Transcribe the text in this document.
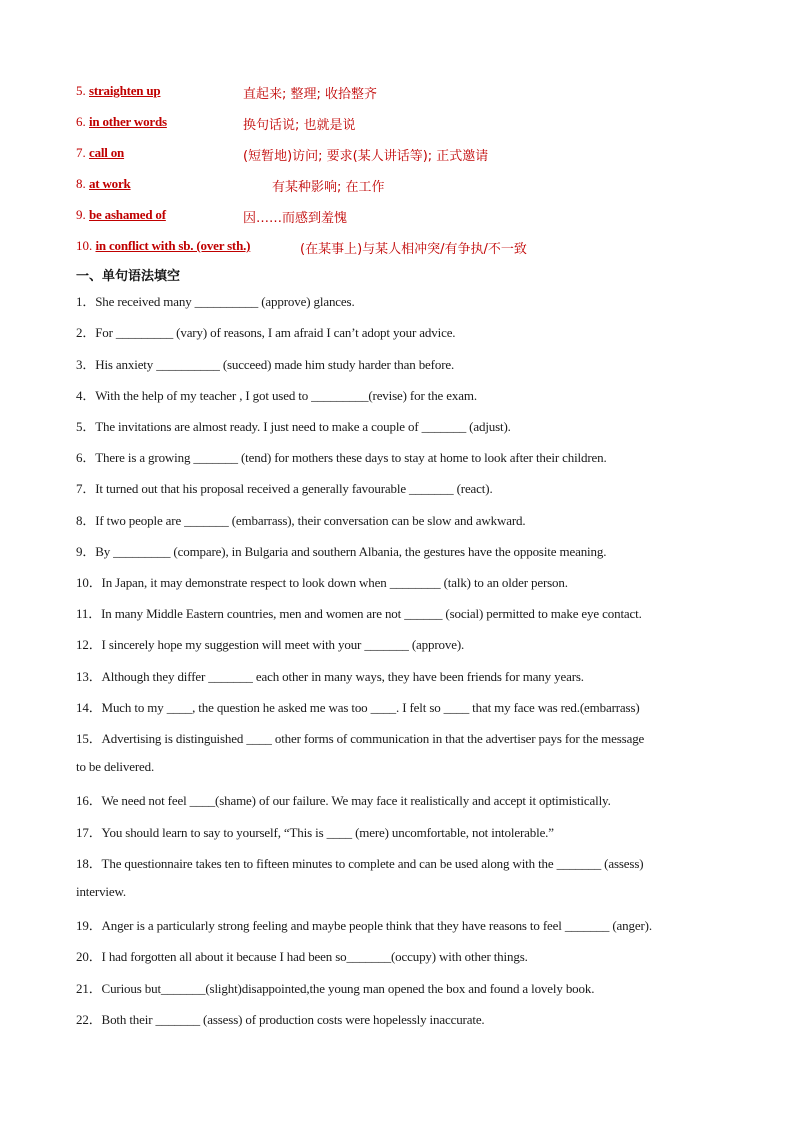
5. straighten up	直起来; 整理; 收拾整齐
6. in other words	换句话说; 也就是说
7. call on	(短暂地)访问; 要求(某人讲话等); 正式邀请
8. at work	有某种影响; 在工作
9. be ashamed of	因……而感到羞愧
10. in conflict with sb. (over sth.)	(在某事上)与某人相冲突/有争执/不一致
一、单句语法填空
1．She received many __________ (approve) glances.
2．For _________ (vary) of reasons, I am afraid I can’t adopt your advice.
3．His anxiety __________ (succeed) made him study harder than before.
4．With the help of my teacher , I got used to _________(revise) for the exam.
5．The invitations are almost ready. I just need to make a couple of _______ (adjust).
6．There is a growing _______ (tend) for mothers these days to stay at home to look after their children.
7．It turned out that his proposal received a generally favourable _______ (react).
8．If two people are _______ (embarrass), their conversation can be slow and awkward.
9．By _________ (compare), in Bulgaria and southern Albania, the gestures have the opposite meaning.
10．In Japan, it may demonstrate respect to look down when ________ (talk) to an older person.
11．In many Middle Eastern countries, men and women are not ______ (social) permitted to make eye contact.
12．I sincerely hope my suggestion will meet with your _______ (approve).
13．Although they differ _______ each other in many ways, they have been friends for many years.
14．Much to my ____, the question he asked me was too ____. I felt so ____ that my face was red.(embarrass)
15．Advertising is distinguished ____ other forms of communication in that the advertiser pays for the message
to be delivered.
16．We need not feel ____(shame) of our failure. We may face it realistically and accept it optimistically.
17．You should learn to say to yourself, “This is ____ (mere) uncomfortable, not intolerable.”
18．The questionnaire takes ten to fifteen minutes to complete and can be used along with the _______ (assess)
interview.
19．Anger is a particularly strong feeling and maybe people think that they have reasons to feel _______ (anger).
20．I had forgotten all about it because I had been so_______(occupy) with other things.
21．Curious but_______(slight)disappointed,the young man opened the box and found a lovely book.
22．Both their _______ (assess) of production costs were hopelessly inaccurate.
